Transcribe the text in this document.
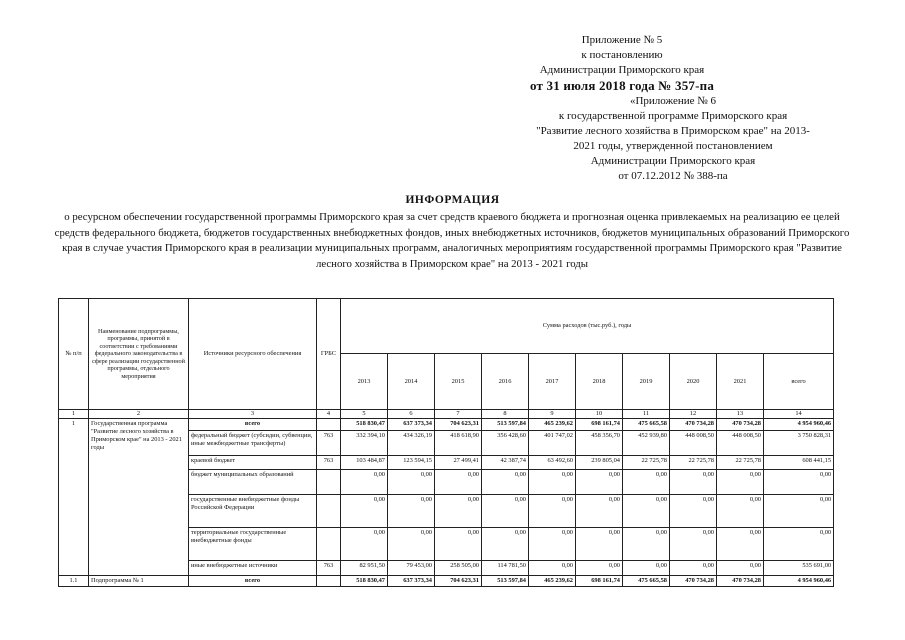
Приложение № 5
к постановлению
Администрации Приморского края
от 31 июля 2018 года № 357-па
«Приложение № 6
к государственной программе Приморского края
"Развитие лесного хозяйства в Приморском крае" на 2013-
2021 годы, утвержденной постановлением
Администрации Приморского края
от 07.12.2012 № 388-па
ИНФОРМАЦИЯ
о ресурсном обеспечении государственной программы Приморского края за счет средств краевого бюджета и прогнозная оценка привлекаемых на реализацию ее целей средств федерального бюджета, бюджетов государственных внебюджетных фондов, иных внебюджетных источников, бюджетов муниципальных образований Приморского края в случае участия Приморского края в реализации муниципальных программ, аналогичных мероприятиям государственной программы Приморского края "Развитие лесного хозяйства в Приморском крае" на 2013 - 2021 годы
№ п/п	Наименование подпрограммы, программы, принятой в соответствии с требованиями федерального законодательства в сфере реализации государственной программы, отдельного мероприятия	Источники ресурсного обеспечения	ГРБС	Сумма расходов (тыс.руб.), годы									
				2013	2014	2015	2016	2017	2018	2019	2020	2021	всего
1	2	3	4	5	6	7	8	9	10	11	12	13	14
1	Государственная программа "Развитие лесного хозяйства в Приморском крае" на 2013 - 2021 годы	всего		518 830,47	637 373,34	704 623,31	513 597,84	465 239,62	698 161,74	475 665,58	470 734,28	470 734,28	4 954 960,46
		федеральный бюджет (субсидии, субвенции, иные межбюджетные трансферты)	763	332 394,10	434 326,19	418 618,90	356 428,60	401 747,02	458 356,70	452 939,80	448 008,50	448 008,50	3 750 828,31
		краевой бюджет	763	103 484,87	123 594,15	27 499,41	42 387,74	63 492,60	239 805,04	22 725,78	22 725,78	22 725,78	608 441,15
		бюджет муниципальных образований		0,00	0,00	0,00	0,00	0,00	0,00	0,00	0,00	0,00	0,00
		государственные внебюджетные фонды Российской Федерации		0,00	0,00	0,00	0,00	0,00	0,00	0,00	0,00	0,00	0,00
		территориальные государственные внебюджетные фонды		0,00	0,00	0,00	0,00	0,00	0,00	0,00	0,00	0,00	0,00
		иные внебюджетные источники	763	82 951,50	79 453,00	258 505,00	114 781,50	0,00	0,00	0,00	0,00	0,00	535 691,00
1.1	Подпрограмма № 1	всего		518 830,47	637 373,34	704 623,31	513 597,84	465 239,62	698 161,74	475 665,58	470 734,28	470 734,28	4 954 960,46
